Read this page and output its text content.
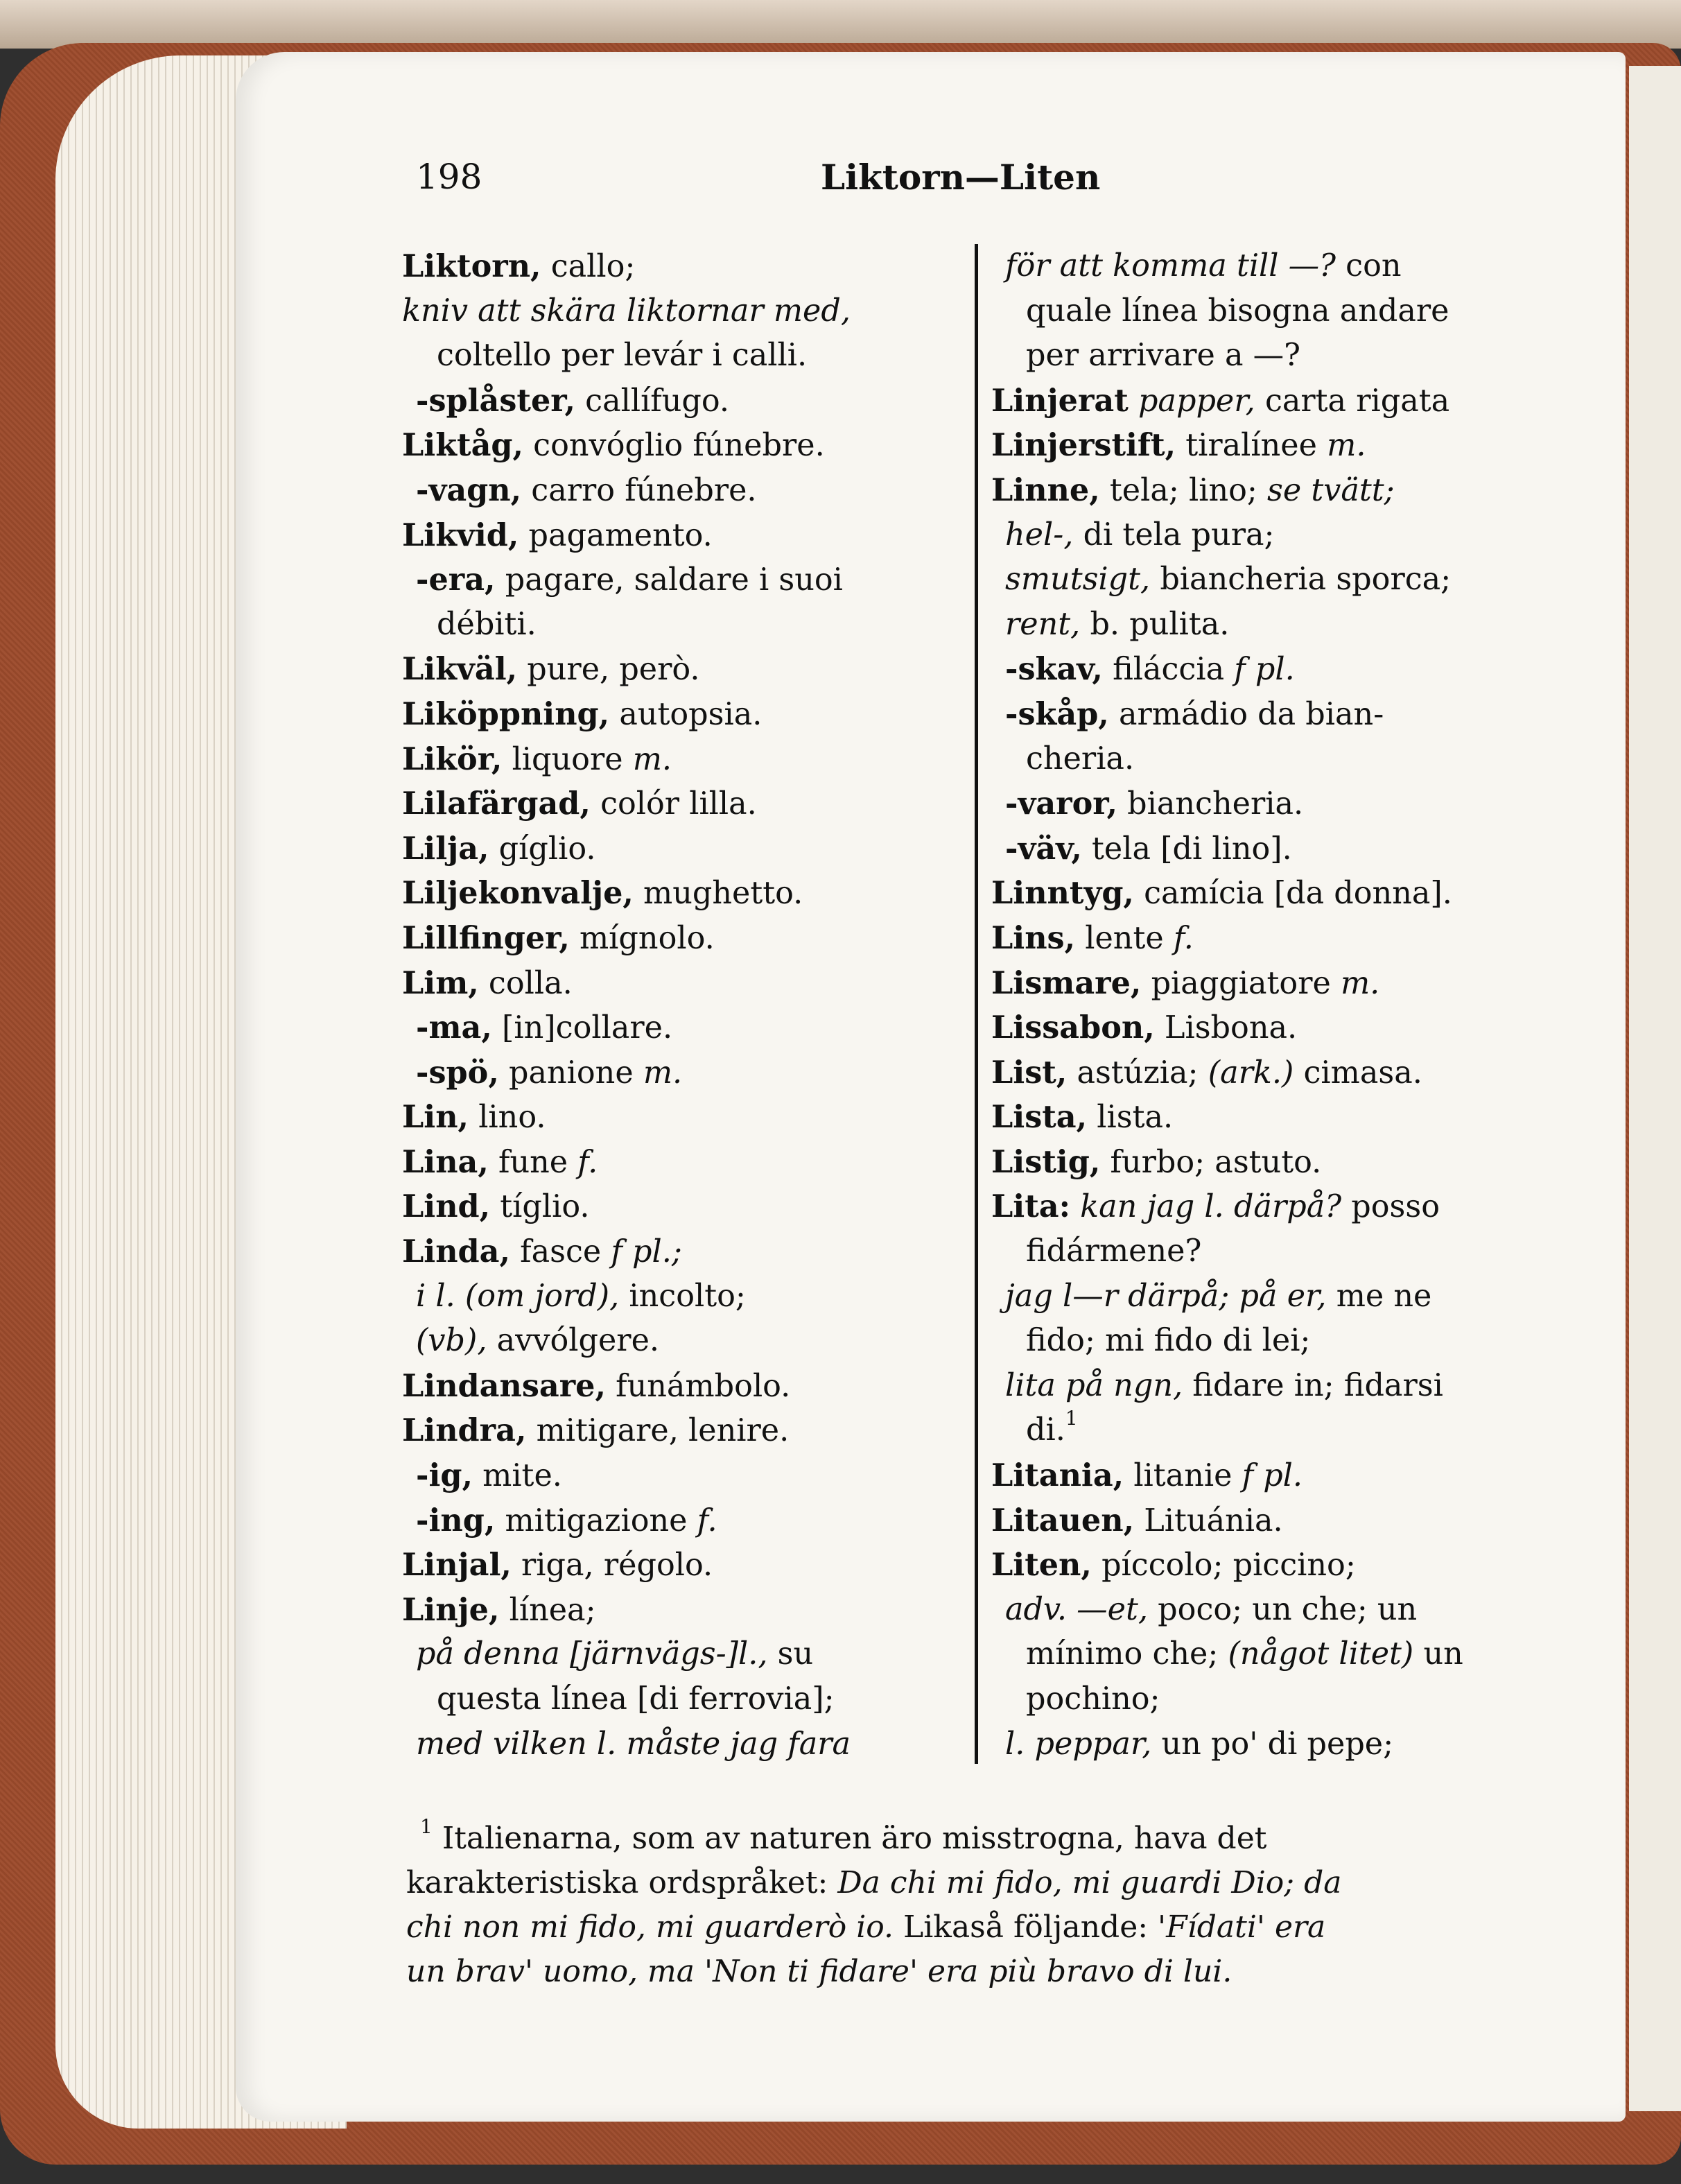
198	Liktorn—Liten
Liktorn, callo;
kniv att skära liktornar med,
coltello per levár i calli.
-splåster, callífugo.
Liktåg, convóglio fúnebre.
-vagn, carro fúnebre.
Likvid, pagamento.
-era, pagare, saldare i suoi
débiti.
Likväl, pure, però.
Liköppning, autopsia.
Likör, liquore m.
Lilafärgad, colór lilla.
Lilja, gíglio.
Liljekonvalje, mughetto.
Lillfinger, mígnolo.
Lim, colla.
-ma, [in]collare.
-spö, panione m.
Lin, lino.
Lina, fune f.
Lind, tíglio.
Linda, fasce f pl.;
i l. (om jord), incolto;
(vb), avvólgere.
Lindansare, funámbolo.
Lindra, mitigare, lenire.
-ig, mite.
-ing, mitigazione f.
Linjal, riga, régolo.
Linje, línea;
på denna [järnvägs-]l., su
questa línea [di ferrovia];
med vilken l. måste jag fara
för att komma till —? con
quale línea bisogna andare
per arrivare a —?
Linjerat papper, carta rigata
Linjerstift, tiralínee m.
Linne, tela; lino; se tvätt;
hel-, di tela pura;
smutsigt, biancheria sporca;
rent, b. pulita.
-skav, filáccia f pl.
-skåp, armádio da bian-
cheria.
-varor, biancheria.
-väv, tela [di lino].
Linntyg, camícia [da donna].
Lins, lente f.
Lismare, piaggiatore m.
Lissabon, Lisbona.
List, astúzia; (ark.) cimasa.
Lista, lista.
Listig, furbo; astuto.
Lita: kan jag l. därpå? posso
fidármene?
jag l—r därpå; på er, me ne
fido; mi fido di lei;
lita på ngn, fidare in; fidarsi
di.$^1$
Litania, litanie f pl.
Litauen, Lituánia.
Liten, píccolo; piccino;
adv. —et, poco; un che; un
mínimo che; (något litet) un
pochino;
l. peppar, un po' di pepe;
$^1$ Italienarna, som av naturen äro misstrogna, hava det
karakteristiska ordspråket: Da chi mi fido, mi guardi Dio; da
chi non mi fido, mi guarderò io. Likaså följande: 'Fídati' era
un brav' uomo, ma 'Non ti fidare' era più bravo di lui.
